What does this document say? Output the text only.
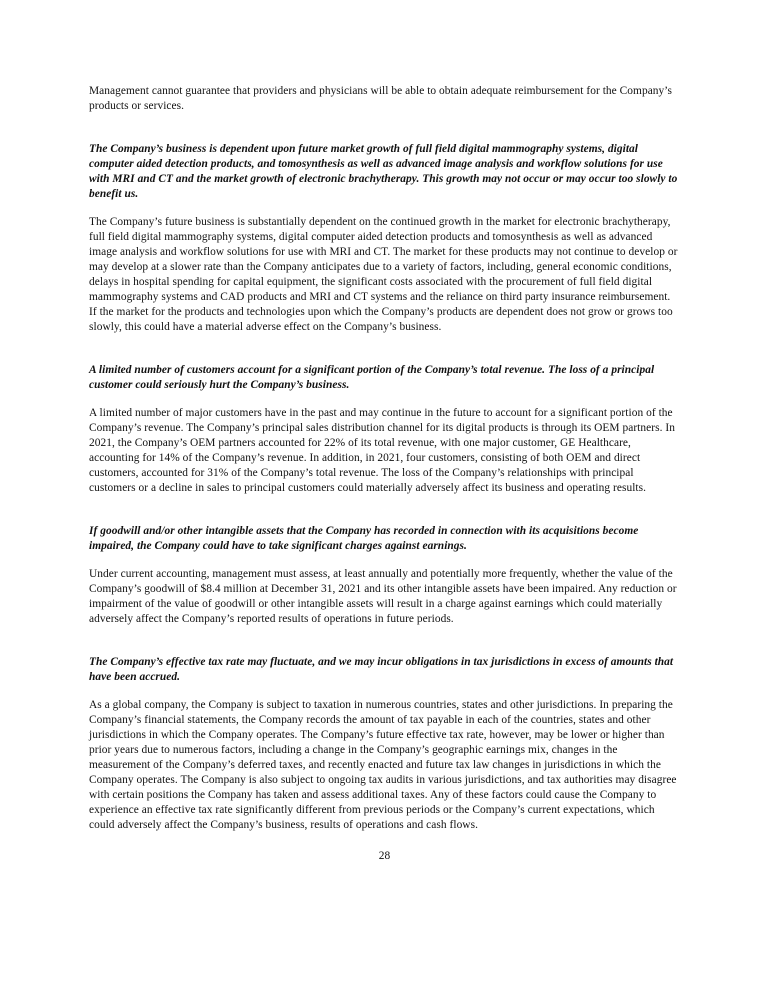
Management cannot guarantee that providers and physicians will be able to obtain adequate reimbursement for the Company’s products or services.

The Company’s business is dependent upon future market growth of full field digital mammography systems, digital computer aided detection products, and tomosynthesis as well as advanced image analysis and workflow solutions for use with MRI and CT and the market growth of electronic brachytherapy. This growth may not occur or may occur too slowly to benefit us.

The Company’s future business is substantially dependent on the continued growth in the market for electronic brachytherapy, full field digital mammography systems, digital computer aided detection products and tomosynthesis as well as advanced image analysis and workflow solutions for use with MRI and CT. The market for these products may not continue to develop or may develop at a slower rate than the Company anticipates due to a variety of factors, including, general economic conditions, delays in hospital spending for capital equipment, the significant costs associated with the procurement of full field digital mammography systems and CAD products and MRI and CT systems and the reliance on third party insurance reimbursement. If the market for the products and technologies upon which the Company’s products are dependent does not grow or grows too slowly, this could have a material adverse effect on the Company’s business.

A limited number of customers account for a significant portion of the Company’s total revenue. The loss of a principal customer could seriously hurt the Company’s business.

A limited number of major customers have in the past and may continue in the future to account for a significant portion of the Company’s revenue. The Company’s principal sales distribution channel for its digital products is through its OEM partners. In 2021, the Company’s OEM partners accounted for 22% of its total revenue, with one major customer, GE Healthcare, accounting for 14% of the Company’s revenue. In addition, in 2021, four customers, consisting of both OEM and direct customers, accounted for 31% of the Company’s total revenue. The loss of the Company’s relationships with principal customers or a decline in sales to principal customers could materially adversely affect its business and operating results.

If goodwill and/or other intangible assets that the Company has recorded in connection with its acquisitions become impaired, the Company could have to take significant charges against earnings.

Under current accounting, management must assess, at least annually and potentially more frequently, whether the value of the Company’s goodwill of $8.4 million at December 31, 2021 and its other intangible assets have been impaired. Any reduction or impairment of the value of goodwill or other intangible assets will result in a charge against earnings which could materially adversely affect the Company’s reported results of operations in future periods.

The Company’s effective tax rate may fluctuate, and we may incur obligations in tax jurisdictions in excess of amounts that have been accrued.

As a global company, the Company is subject to taxation in numerous countries, states and other jurisdictions. In preparing the Company’s financial statements, the Company records the amount of tax payable in each of the countries, states and other jurisdictions in which the Company operates. The Company’s future effective tax rate, however, may be lower or higher than prior years due to numerous factors, including a change in the Company’s geographic earnings mix, changes in the measurement of the Company’s deferred taxes, and recently enacted and future tax law changes in jurisdictions in which the Company operates. The Company is also subject to ongoing tax audits in various jurisdictions, and tax authorities may disagree with certain positions the Company has taken and assess additional taxes. Any of these factors could cause the Company to experience an effective tax rate significantly different from previous periods or the Company’s current expectations, which could adversely affect the Company’s business, results of operations and cash flows.

28
